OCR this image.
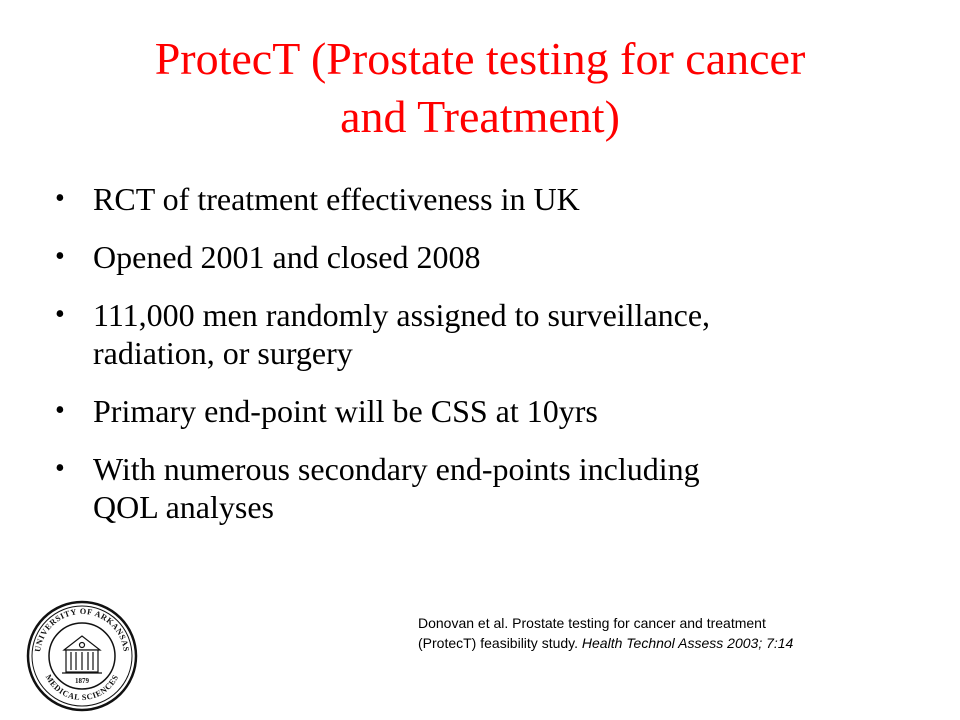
ProtecT (Prostate testing for cancer
and Treatment)
• RCT of treatment effectiveness in UK
• Opened 2001 and closed 2008
• 111,000 men randomly assigned to surveillance,
radiation, or surgery
• Primary end-point will be CSS at 10yrs
• With numerous secondary end-points including
QOL analyses
Donovan et al. Prostate testing for cancer and treatment
(ProtecT) feasibility study. Health Technol Assess 2003; 7:14
UNIVERSITY OF ARKANSAS
MEDICAL SCIENCES
1879
